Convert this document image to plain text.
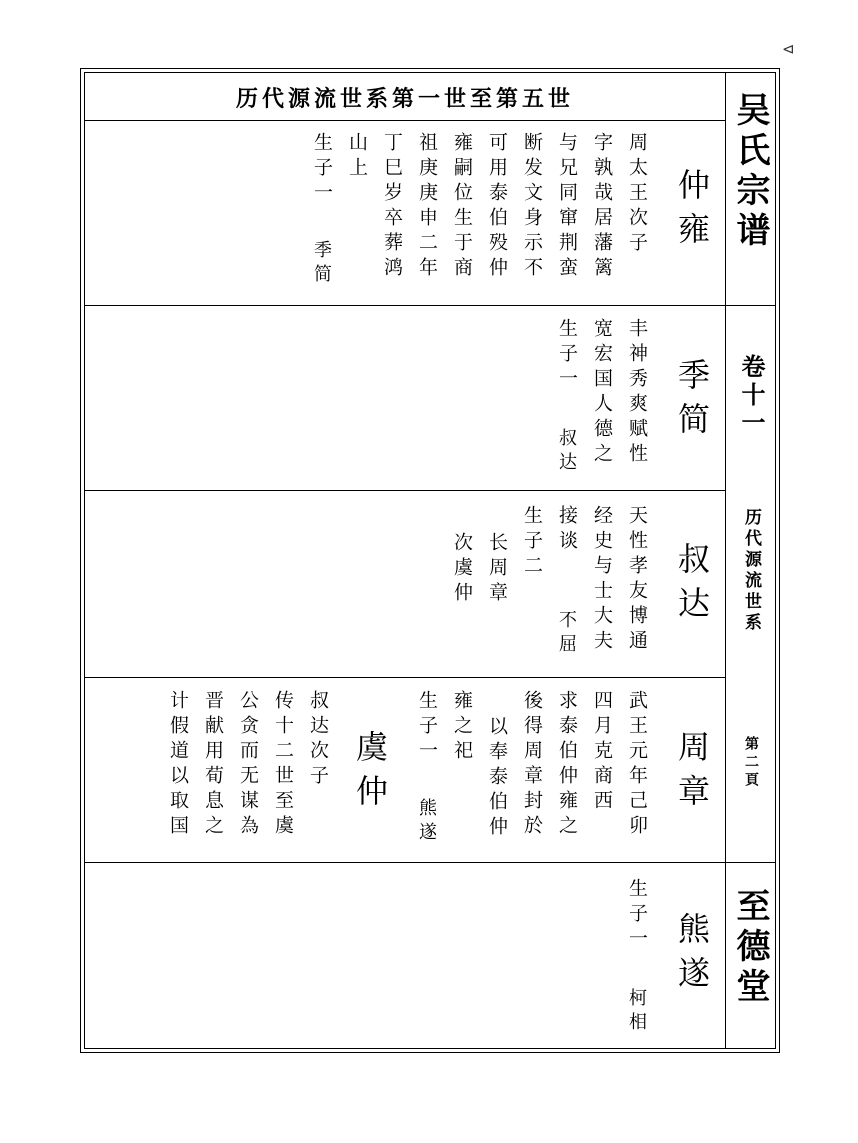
⊲
历代源流世系第一世至第五世	吴氏宗谱
卷十一
历代源流世系
第二頁
至德堂
仲雍
周太王次子
字孰哉居藩篱
与兄同窜荆蛮
断发文身示不
可用泰伯殁仲
雍嗣位生于商
祖庚庚申二年
丁巳岁卒葬鸿
山上
生子一
季简
季简
丰神秀爽赋性
宽宏国人德之
生子一
叔达
叔达
天性孝友博通
经史与士大夫
接谈
不屈
生子二
长周章
次虞仲
周章
武王元年己卯
四月克商西
求泰伯仲雍之
後得周章封於
以奉泰伯仲
雍之祀
生子一
熊遂
虞仲
叔达次子
传十二世至虞
公贪而无谋為
晋献用荀息之
计假道以取国
熊遂
生子一
柯相
